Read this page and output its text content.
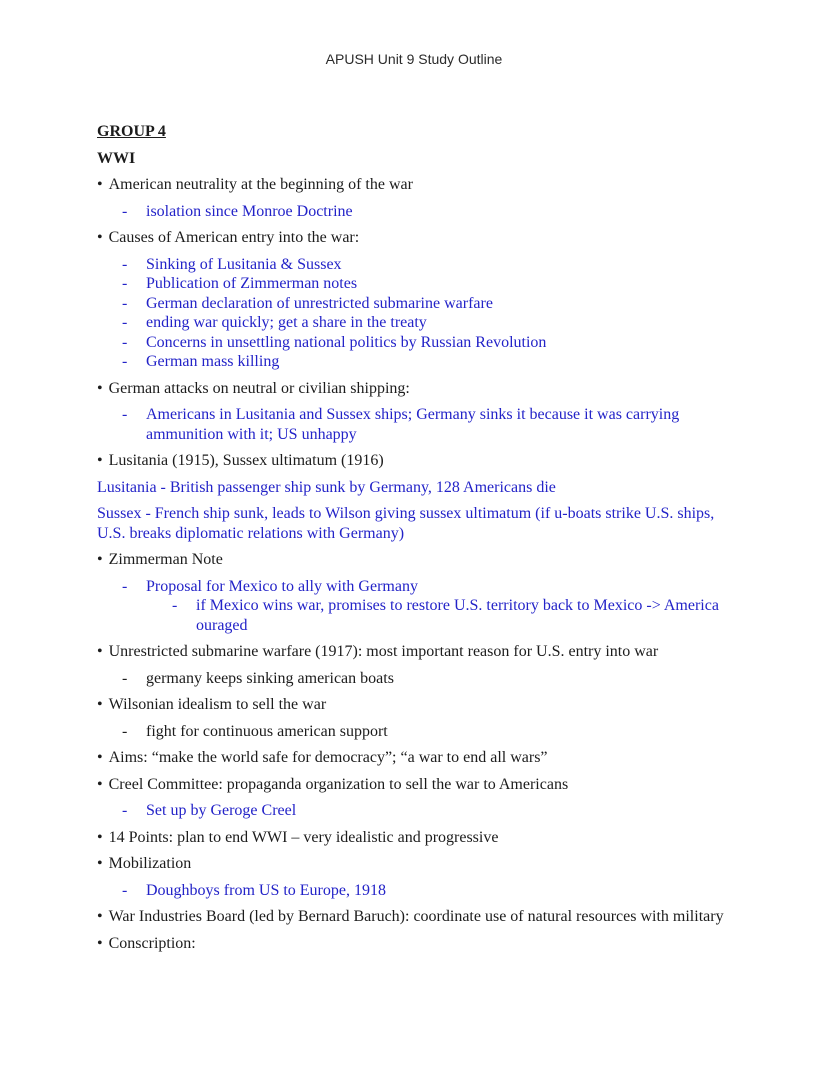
APUSH Unit 9 Study Outline
GROUP 4
WWI
• American neutrality at the beginning of the war
-	isolation since Monroe Doctrine
• Causes of American entry into the war:
-	Sinking of Lusitania & Sussex
-	Publication of Zimmerman notes
-	German declaration of unrestricted submarine warfare
-	ending war quickly; get a share in the treaty
-	Concerns in unsettling national politics by Russian Revolution
-	German mass killing
• German attacks on neutral or civilian shipping:
-	Americans in Lusitania and Sussex ships; Germany sinks it because it was carrying ammunition with it; US unhappy
• Lusitania (1915), Sussex ultimatum (1916)
Lusitania - British passenger ship sunk by Germany, 128 Americans die
Sussex - French ship sunk, leads to Wilson giving sussex ultimatum (if u-boats strike U.S. ships, U.S. breaks diplomatic relations with Germany)
• Zimmerman Note
-	Proposal for Mexico to ally with Germany
-	if Mexico wins war, promises to restore U.S. territory back to Mexico -> America ouraged
• Unrestricted submarine warfare (1917): most important reason for U.S. entry into war
-	germany keeps sinking american boats
• Wilsonian idealism to sell the war
-	fight for continuous american support
• Aims: “make the world safe for democracy”; “a war to end all wars”
• Creel Committee: propaganda organization to sell the war to Americans
-	Set up by Geroge Creel
• 14 Points: plan to end WWI – very idealistic and progressive
• Mobilization
-	Doughboys from US to Europe, 1918
• War Industries Board (led by Bernard Baruch): coordinate use of natural resources with military
• Conscription:
